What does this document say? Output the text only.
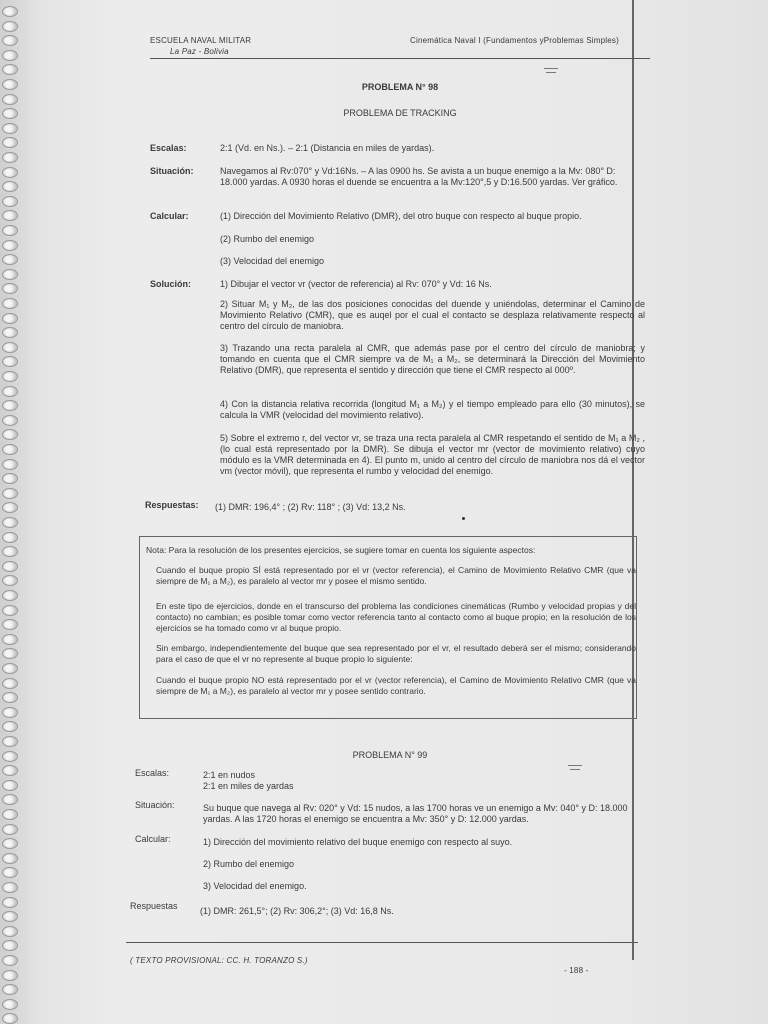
ESCUELA NAVAL MILITAR
La Paz - Bolivia
Cinemática Naval I (Fundamentos yProblemas Simples)
PROBLEMA N° 98
PROBLEMA DE TRACKING
Escalas:	2:1 (Vd. en Ns.). – 2:1 (Distancia en miles de yardas).
Situación:	Navegamos al Rv:070° y Vd:16Ns. – A las 0900 hs. Se avista a un buque enemigo a la Mv: 080° D: 18.000 yardas. A 0930 horas el duende se encuentra a la Mv:120°,5 y D:16.500 yardas. Ver gráfico.
Calcular:	(1) Dirección del Movimiento Relativo (DMR), del otro buque con respecto al buque propio.
(2) Rumbo del enemigo
(3) Velocidad del enemigo
Solución:	1) Dibujar el vector vr (vector de referencia) al Rv: 070° y Vd: 16 Ns.
2) Situar M₁ y M₂, de las dos posiciones conocidas del duende y uniéndolas, determinar el Camino de Movimiento Relativo (CMR), que es auqel por el cual el contacto se desplaza relativamente respecto al centro del círculo de maniobra.
3) Trazando una recta paralela al CMR, que además pase por el centro del círculo de maniobra; y tomando en cuenta que el CMR siempre va de M₁ a M₂, se determinará la Dirección del Movimiento Relativo (DMR), que representa el sentido y dirección que tiene el CMR respecto al 000º.
4) Con la distancia relativa recorrida (longitud M₁ a M₂) y el tiempo empleado para ello (30 minutos), se calcula la VMR (velocidad del movimiento relativo).
5) Sobre el extremo r, del vector vr, se traza una recta paralela al CMR respetando el sentido de M₁ a M₂ , (lo cual está representado por la DMR). Se dibuja el vector mr (vector de movimiento relativo) cuyo módulo es la VMR determinada en 4). El punto m, unido al centro del círculo de maniobra nos dá el vector vm (vector móvil), que representa el rumbo y velocidad del enemigo.
Respuestas: (1) DMR: 196,4° ; (2) Rv: 118° ; (3) Vd: 13,2 Ns.
Nota: Para la resolución de los presentes ejercicios, se sugiere tomar en cuenta los siguiente aspectos:
Cuando el buque propio SÍ está representado por el vr (vector referencia), el Camino de Movimiento Relativo CMR (que va siempre de M₁ a M₂), es paralelo al vector mr y posee el mismo sentido.
En este tipo de ejercicios, donde en el transcurso del problema las condiciones cinemáticas (Rumbo y velocidad propias y del contacto) no cambian; es posible tomar como vector referencia tanto al contacto como al buque propio; en la resolución de los ejercicios se ha tomado como vr al buque propio.
Sin embargo, independientemente del buque que sea representado por el vr, el resultado deberá ser el mismo; considerando para el caso de que el vr no represente al buque propio lo siguiente:
Cuando el buque propio NO está representado por el vr (vector referencia), el Camino de Movimiento Relativo CMR (que va siempre de M₁ a M₂), es paralelo al vector mr y posee sentido contrario.
PROBLEMA N° 99
Escalas:	2:1 en nudos
2:1 en miles de yardas
Situación:	Su buque que navega al Rv: 020° y Vd: 15 nudos, a las 1700 horas ve un enemigo a Mv: 040° y D: 18.000 yardas. A las 1720 horas el enemigo se encuentra a Mv: 350° y D: 12.000 yardas.
Calcular:	1) Dirección del movimiento relativo del buque enemigo con respecto al suyo.
2) Rumbo del enemigo
3) Velocidad del enemigo.
Respuestas (1) DMR: 261,5°; (2) Rv: 306,2°; (3) Vd: 16,8 Ns.
( TEXTO PROVISIONAL: CC. H. TORANZO S.)
- 188 -
